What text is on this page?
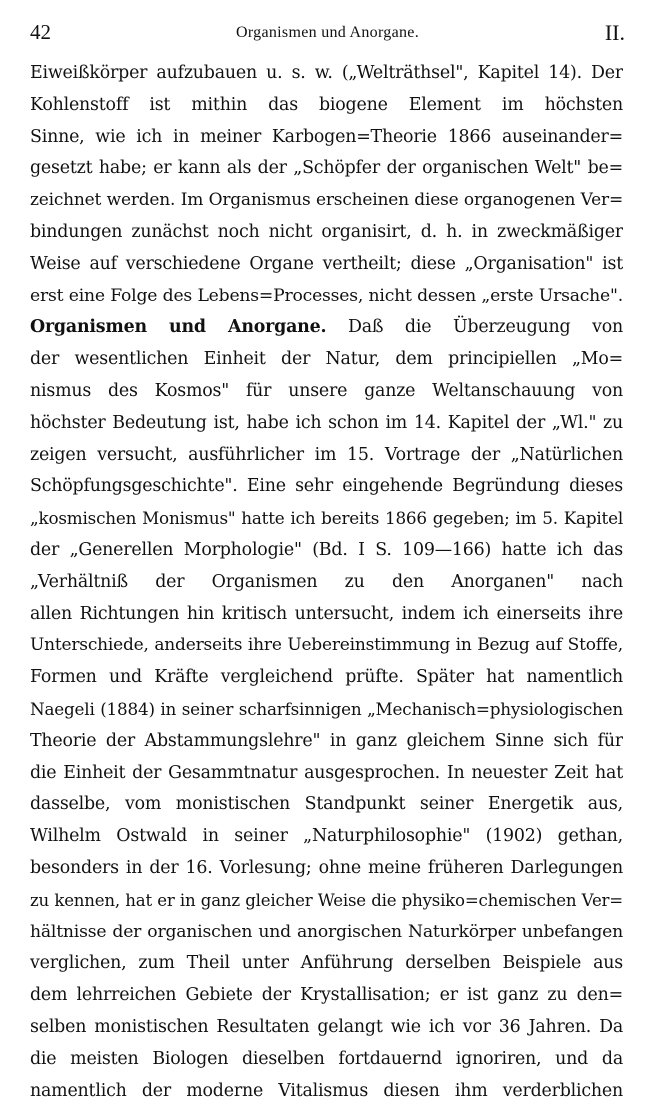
42	Organismen und Anorgane.	II.
Eiweißkörper aufzubauen u. s. w. („Welträthsel", Kapitel 14). Der
Kohlenstoff ist mithin das biogene Element im höchsten
Sinne, wie ich in meiner Karbogen=Theorie 1866 auseinander=
gesetzt habe; er kann als der „Schöpfer der organischen Welt" be=
zeichnet werden. Im Organismus erscheinen diese organogenen Ver=
bindungen zunächst noch nicht organisirt, d. h. in zweckmäßiger
Weise auf verschiedene Organe vertheilt; diese „Organisation" ist
erst eine Folge des Lebens=Processes, nicht dessen „erste Ursache".
Organismen und Anorgane. Daß die Überzeugung von
der wesentlichen Einheit der Natur, dem principiellen „Mo=
nismus des Kosmos" für unsere ganze Weltanschauung von
höchster Bedeutung ist, habe ich schon im 14. Kapitel der „Wl." zu
zeigen versucht, ausführlicher im 15. Vortrage der „Natürlichen
Schöpfungsgeschichte". Eine sehr eingehende Begründung dieses
„kosmischen Monismus" hatte ich bereits 1866 gegeben; im 5. Kapitel
der „Generellen Morphologie" (Bd. I S. 109—166) hatte ich das
„Verhältniß der Organismen zu den Anorganen" nach
allen Richtungen hin kritisch untersucht, indem ich einerseits ihre
Unterschiede, anderseits ihre Uebereinstimmung in Bezug auf Stoffe,
Formen und Kräfte vergleichend prüfte. Später hat namentlich
Naegeli (1884) in seiner scharfsinnigen „Mechanisch=physiologischen
Theorie der Abstammungslehre" in ganz gleichem Sinne sich für
die Einheit der Gesammtnatur ausgesprochen. In neuester Zeit hat
dasselbe, vom monistischen Standpunkt seiner Energetik aus,
Wilhelm Ostwald in seiner „Naturphilosophie" (1902) gethan,
besonders in der 16. Vorlesung; ohne meine früheren Darlegungen
zu kennen, hat er in ganz gleicher Weise die physiko=chemischen Ver=
hältnisse der organischen und anorgischen Naturkörper unbefangen
verglichen, zum Theil unter Anführung derselben Beispiele aus
dem lehrreichen Gebiete der Krystallisation; er ist ganz zu den=
selben monistischen Resultaten gelangt wie ich vor 36 Jahren. Da
die meisten Biologen dieselben fortdauernd ignoriren, und da
namentlich der moderne Vitalismus diesen ihm verderblichen
